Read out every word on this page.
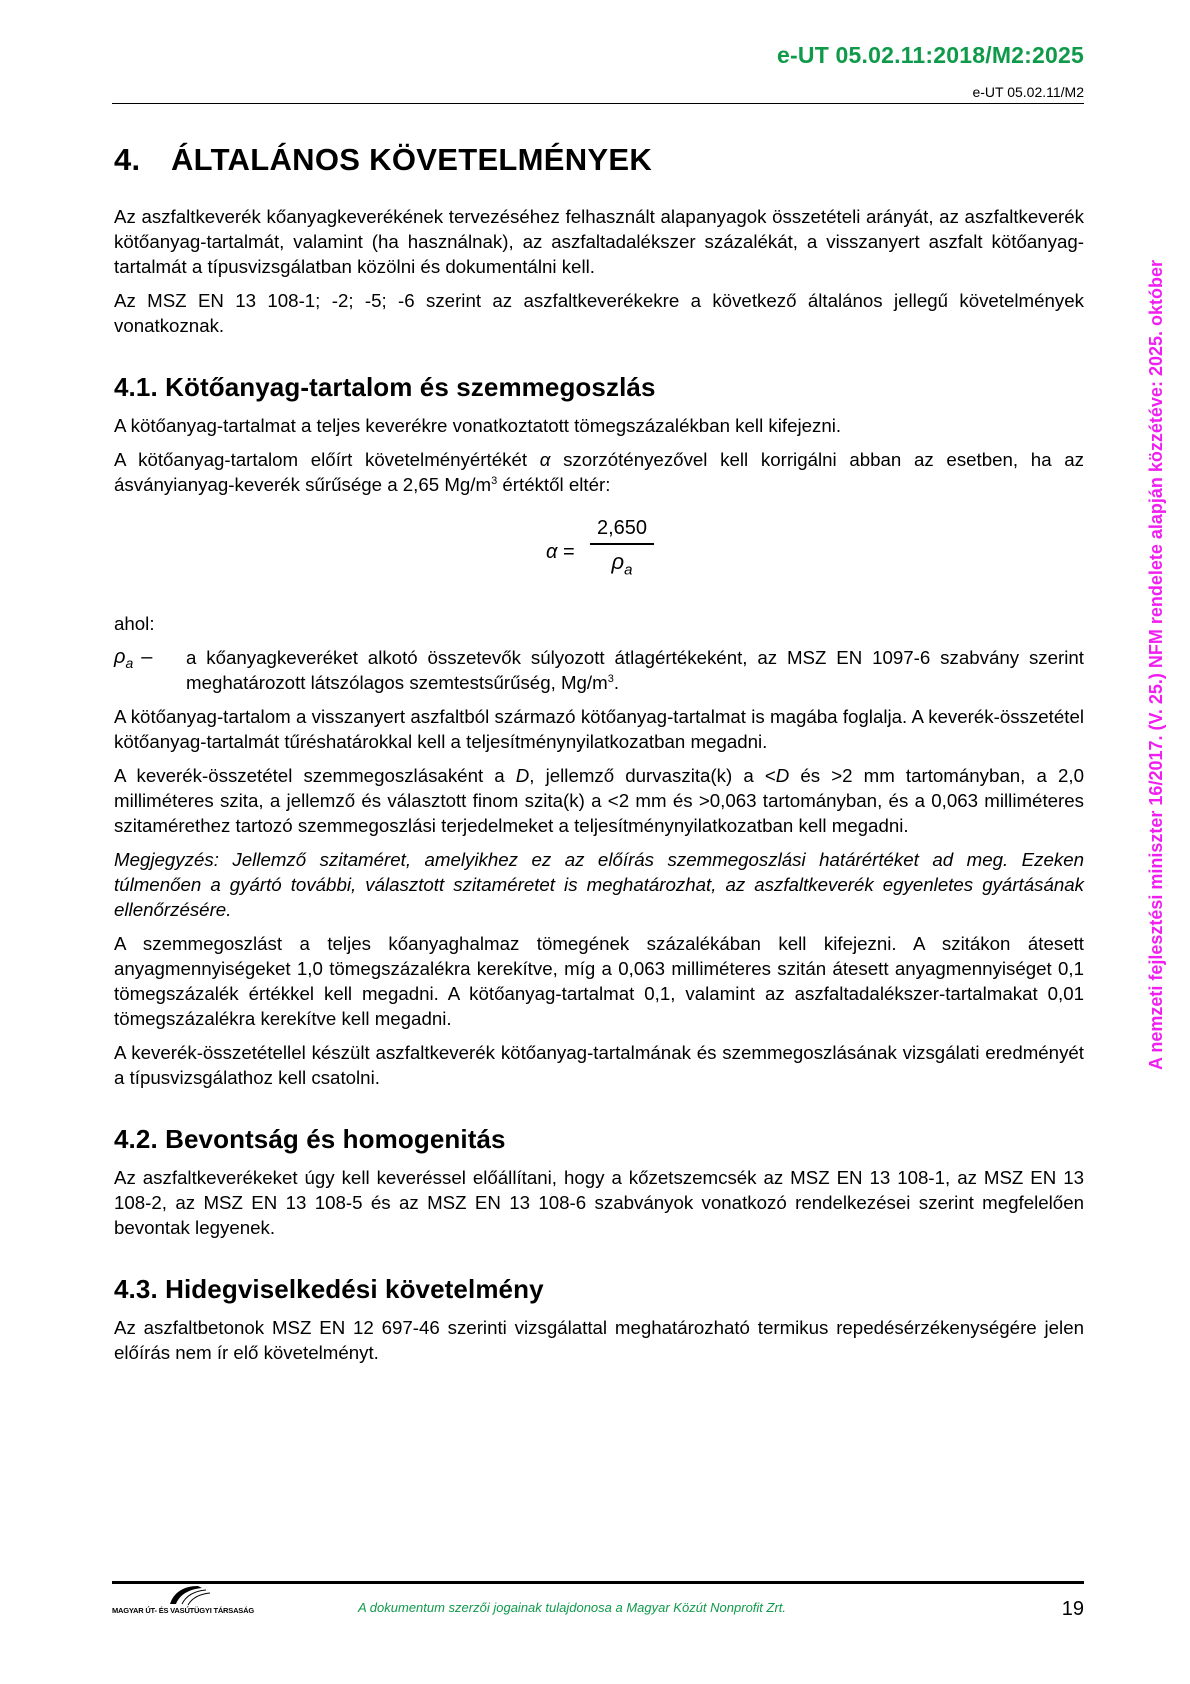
e-UT 05.02.11:2018/M2:2025
e-UT 05.02.11/M2
A nemzeti fejlesztési miniszter 16/2017. (V. 25.) NFM rendelete alapján közzétéve: 2025. október
4. ÁLTALÁNOS KÖVETELMÉNYEK

Az aszfaltkeverék kőanyagkeverékének tervezéséhez felhasznált alapanyagok összetételi arányát, az aszfaltkeverék kötőanyag-tartalmát, valamint (ha használnak), az aszfaltadalékszer százalékát, a visszanyert aszfalt kötőanyag-tartalmát a típusvizsgálatban közölni és dokumentálni kell.

Az MSZ EN 13 108-1; -2; -5; -6 szerint az aszfaltkeverékekre a következő általános jellegű követelmények vonatkoznak.

4.1. Kötőanyag-tartalom és szemmegoszlás

A kötőanyag-tartalmat a teljes keverékre vonatkoztatott tömegszázalékban kell kifejezni.

A kötőanyag-tartalom előírt követelményértékét α szorzótényezővel kell korrigálni abban az esetben, ha az ásványianyag-keverék sűrűsége a 2,65 $Mg/m^3$ értéktől eltér:

$\alpha = \frac{2,650}{\rho_a}$

ahol:

$\rho_a$ –	a kőanyagkeveréket alkotó összetevők súlyozott átlagértékeként, az MSZ EN 1097-6 szabvány szerint meghatározott látszólagos szemtestsűrűség, $Mg/m^3$.

A kötőanyag-tartalom a visszanyert aszfaltból származó kötőanyag-tartalmat is magába foglalja. A keverék-összetétel kötőanyag-tartalmát tűréshatárokkal kell a teljesítménynyilatkozatban megadni.

A keverék-összetétel szemmegoszlásaként a D, jellemző durvaszita(k) a <D és >2 mm tartományban, a 2,0 milliméteres szita, a jellemző és választott finom szita(k) a <2 mm és >0,063 tartományban, és a 0,063 milliméteres szitamérethez tartozó szemmegoszlási terjedelmeket a teljesítménynyilatkozatban kell megadni.

Megjegyzés: Jellemző szitaméret, amelyikhez ez az előírás szemmegoszlási határértéket ad meg. Ezeken túlmenően a gyártó további, választott szitaméretet is meghatározhat, az aszfaltkeverék egyenletes gyártásának ellenőrzésére.

A szemmegoszlást a teljes kőanyaghalmaz tömegének százalékában kell kifejezni. A szitákon átesett anyagmennyiségeket 1,0 tömegszázalékra kerekítve, míg a 0,063 milliméteres szitán átesett anyagmennyiséget 0,1 tömegszázalék értékkel kell megadni. A kötőanyag-tartalmat 0,1, valamint az aszfaltadalékszer-tartalmakat 0,01 tömegszázalékra kerekítve kell megadni.

A keverék-összetétellel készült aszfaltkeverék kötőanyag-tartalmának és szemmegoszlásának vizsgálati eredményét a típusvizsgálathoz kell csatolni.

4.2. Bevontság és homogenitás

Az aszfaltkeverékeket úgy kell keveréssel előállítani, hogy a kőzetszemcsék az MSZ EN 13 108-1, az MSZ EN 13 108-2, az MSZ EN 13 108-5 és az MSZ EN 13 108-6 szabványok vonatkozó rendelkezései szerint megfelelően bevontak legyenek.

4.3. Hidegviselkedési követelmény

Az aszfaltbetonok MSZ EN 12 697-46 szerinti vizsgálattal meghatározható termikus repedésérzékenységére jelen előírás nem ír elő követelményt.

MAGYAR ÚT- ÉS VASÚTÜGYI TÁRSASÁG	A dokumentum szerzői jogainak tulajdonosa a Magyar Közút Nonprofit Zrt.	19
